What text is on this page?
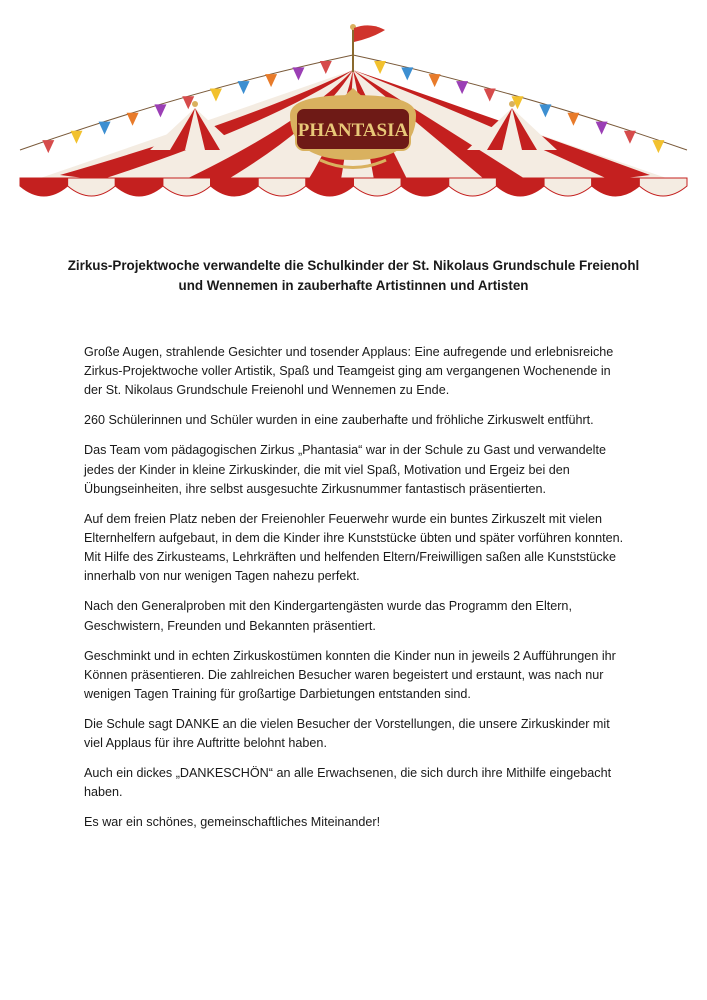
PHANTASIA
Zirkus-Projektwoche verwandelte die Schulkinder der St. Nikolaus Grundschule Freienohl und Wennemen in zauberhafte Artistinnen und Artisten

Große Augen, strahlende Gesichter und tosender Applaus: Eine aufregende und erlebnisreiche Zirkus-Projektwoche voller Artistik, Spaß und Teamgeist ging am vergangenen Wochenende in der St. Nikolaus Grundschule Freienohl und Wennemen zu Ende.

260 Schülerinnen und Schüler wurden in eine zauberhafte und fröhliche Zirkuswelt entführt.

Das Team vom pädagogischen Zirkus „Phantasia“ war in der Schule zu Gast und verwandelte jedes der Kinder in kleine Zirkuskinder, die mit viel Spaß, Motivation und Ergeiz bei den Übungseinheiten, ihre selbst ausgesuchte Zirkusnummer fantastisch präsentierten.

Auf dem freien Platz neben der Freienohler Feuerwehr wurde ein buntes Zirkuszelt mit vielen Elternhelfern aufgebaut, in dem die Kinder ihre Kunststücke übten und später vorführen konnten. Mit Hilfe des Zirkusteams, Lehrkräften und helfenden Eltern/Freiwilligen saßen alle Kunststücke innerhalb von nur wenigen Tagen nahezu perfekt.

Nach den Generalproben mit den Kindergartengästen wurde das Programm den Eltern, Geschwistern, Freunden und Bekannten präsentiert.

Geschminkt und in echten Zirkuskostümen konnten die Kinder nun in jeweils 2 Aufführungen ihr Können präsentieren. Die zahlreichen Besucher waren begeistert und erstaunt, was nach nur wenigen Tagen Training für großartige Darbietungen entstanden sind.

Die Schule sagt DANKE an die vielen Besucher der Vorstellungen, die unsere Zirkuskinder mit viel Applaus für ihre Auftritte belohnt haben.

Auch ein dickes „DANKESCHÖN“ an alle Erwachsenen, die sich durch ihre Mithilfe eingebacht haben.

Es war ein schönes, gemeinschaftliches Miteinander!
